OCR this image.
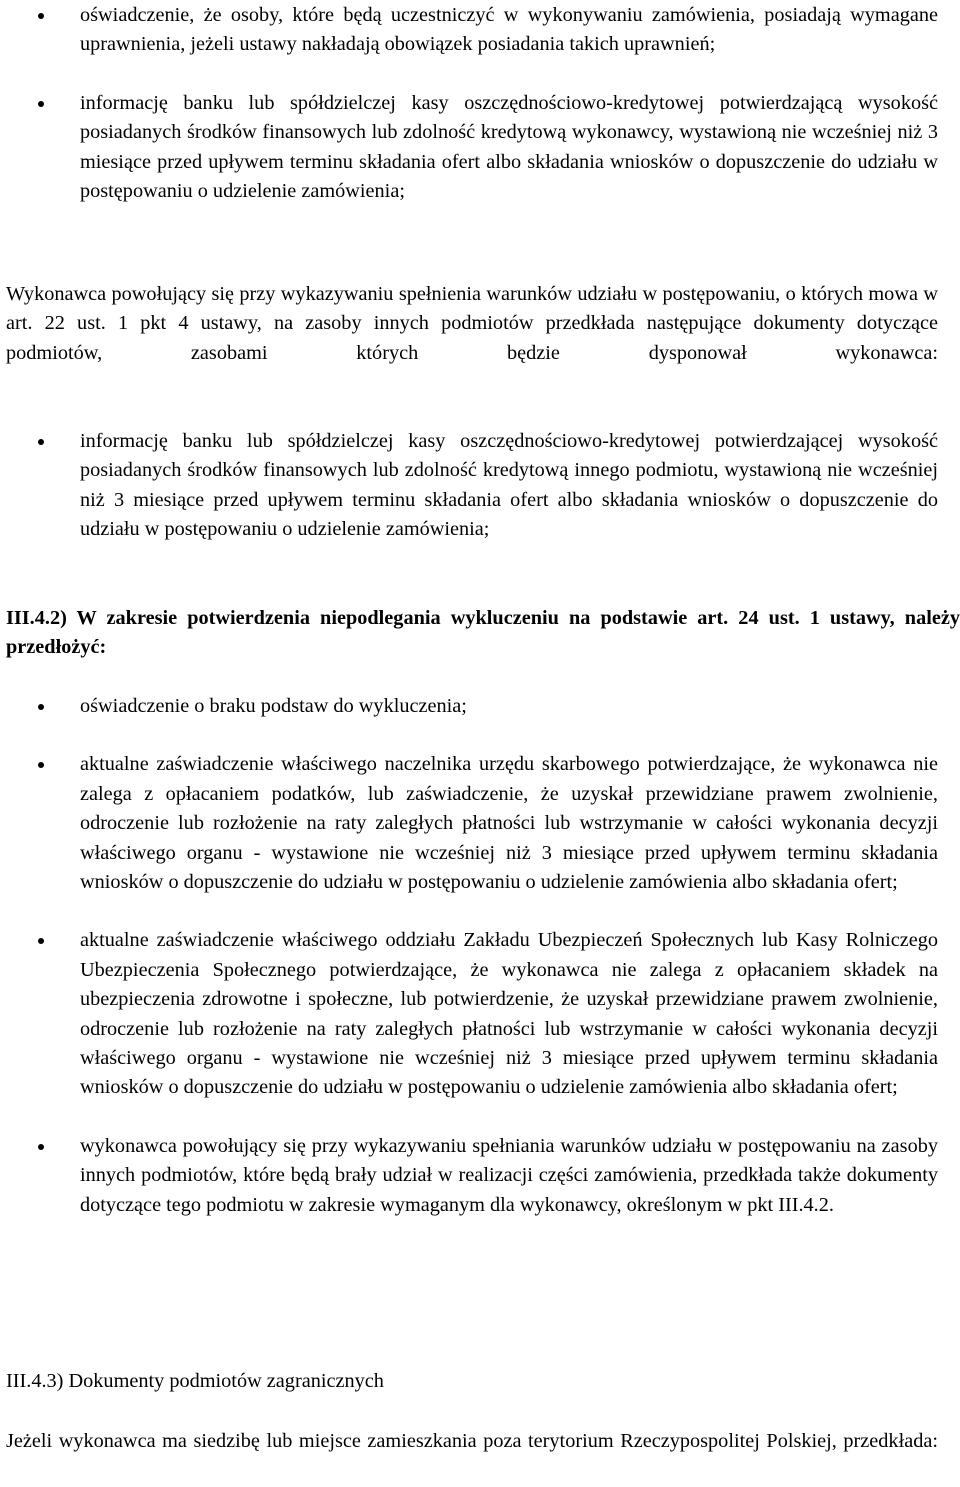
oświadczenie, że osoby, które będą uczestniczyć w wykonywaniu zamówienia, posiadają wymagane uprawnienia, jeżeli ustawy nakładają obowiązek posiadania takich uprawnień;
informację banku lub spółdzielczej kasy oszczędnościowo-kredytowej potwierdzającą wysokość posiadanych środków finansowych lub zdolność kredytową wykonawcy, wystawioną nie wcześniej niż 3 miesiące przed upływem terminu składania ofert albo składania wniosków o dopuszczenie do udziału w postępowaniu o udzielenie zamówienia;

Wykonawca powołujący się przy wykazywaniu spełnienia warunków udziału w postępowaniu, o których mowa w art. 22 ust. 1 pkt 4 ustawy, na zasoby innych podmiotów przedkłada następujące dokumenty dotyczące podmiotów, zasobami których będzie dysponował wykonawca:

informację banku lub spółdzielczej kasy oszczędnościowo-kredytowej potwierdzającej wysokość posiadanych środków finansowych lub zdolność kredytową innego podmiotu, wystawioną nie wcześniej niż 3 miesiące przed upływem terminu składania ofert albo składania wniosków o dopuszczenie do udziału w postępowaniu o udzielenie zamówienia;

III.4.2) W zakresie potwierdzenia niepodlegania wykluczeniu na podstawie art. 24 ust. 1 ustawy, należy przedłożyć:

oświadczenie o braku podstaw do wykluczenia;
aktualne zaświadczenie właściwego naczelnika urzędu skarbowego potwierdzające, że wykonawca nie zalega z opłacaniem podatków, lub zaświadczenie, że uzyskał przewidziane prawem zwolnienie, odroczenie lub rozłożenie na raty zaległych płatności lub wstrzymanie w całości wykonania decyzji właściwego organu - wystawione nie wcześniej niż 3 miesiące przed upływem terminu składania wniosków o dopuszczenie do udziału w postępowaniu o udzielenie zamówienia albo składania ofert;
aktualne zaświadczenie właściwego oddziału Zakładu Ubezpieczeń Społecznych lub Kasy Rolniczego Ubezpieczenia Społecznego potwierdzające, że wykonawca nie zalega z opłacaniem składek na ubezpieczenia zdrowotne i społeczne, lub potwierdzenie, że uzyskał przewidziane prawem zwolnienie, odroczenie lub rozłożenie na raty zaległych płatności lub wstrzymanie w całości wykonania decyzji właściwego organu - wystawione nie wcześniej niż 3 miesiące przed upływem terminu składania wniosków o dopuszczenie do udziału w postępowaniu o udzielenie zamówienia albo składania ofert;
wykonawca powołujący się przy wykazywaniu spełniania warunków udziału w postępowaniu na zasoby innych podmiotów, które będą brały udział w realizacji części zamówienia, przedkłada także dokumenty dotyczące tego podmiotu w zakresie wymaganym dla wykonawcy, określonym w pkt III.4.2.

III.4.3) Dokumenty podmiotów zagranicznych

Jeżeli wykonawca ma siedzibę lub miejsce zamieszkania poza terytorium Rzeczypospolitej Polskiej, przedkłada:
